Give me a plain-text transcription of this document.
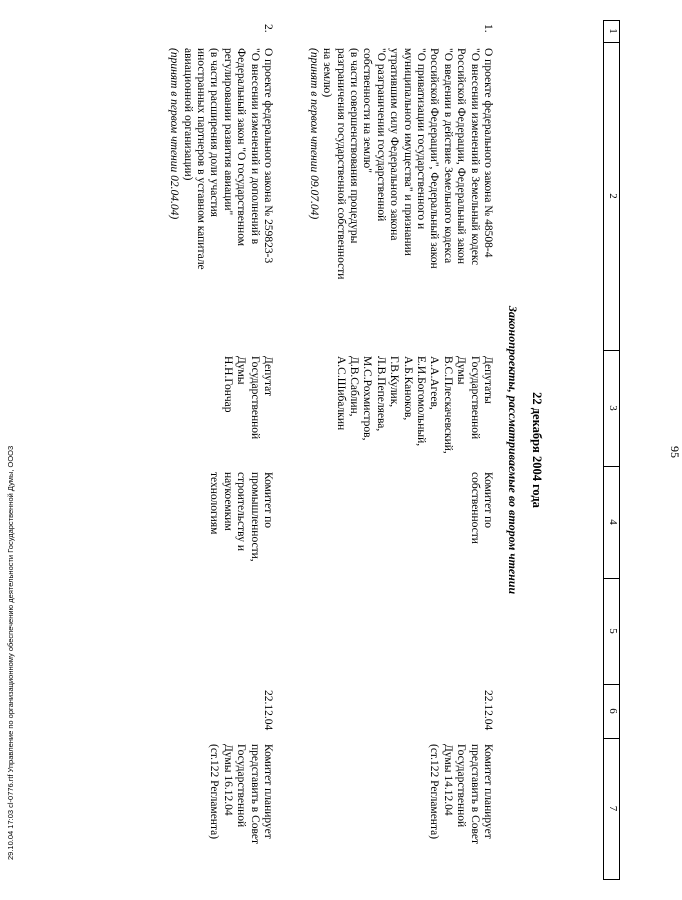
1
2
3
4
5
6
7
22 декабря 2004 года
Законопроекты, рассматриваемые во втором чтении
1.
О проекте федерального закона № 48508-4
"О внесении изменений в Земельный кодекс
Российской Федерации, Федеральный закон
"О введении в действие Земельного кодекса
Российской Федерации", Федеральный закон
"О приватизации государственного и
муниципального имущества" и признании
утратившим силу Федерального закона
"О разграничении государственной
собственности на землю"
(в части совершенствования процедуры
разграничения государственной собственности
на землю)
(принят в первом чтении 09.07.04)
Депутаты
Государственной
Думы
В.С.Плескачевский,
А.А.Агеев,
Е.И.Богомольный,
А.Б.Каноков,
Г.В.Кулик,
Л.В.Пепеляева,
М.С.Рохмистров,
Д.В.Саблин,
А.С.Шибалкин
Комитет по
собственности
22.12.04
Комитет планирует
представить в Совет
Государственной
Думы 14.12.04
(ст.122 Регламента)
2.
О проекте федерального закона № 259823-3
"О внесении изменений и дополнений в
Федеральный закон "О государственном
регулировании развития авиации"
(в части расширения доли участия
иностранных партнеров в уставном капитале
авиационной организации)
(принят в первом чтении 02.04.04)
Депутат
Государственной
Думы
Н.Н.Гончар
Комитет по
промышленности,
строительству и
наукоемким
технологиям
22.12.04
Комитет планирует
представить в Совет
Государственной
Думы 16.12.04
(ст.122 Регламента)
95
29.10.04 17:03 cl-0776.rtf Управление по организационному обеспечению деятельности Государственной Думы, ООО3
